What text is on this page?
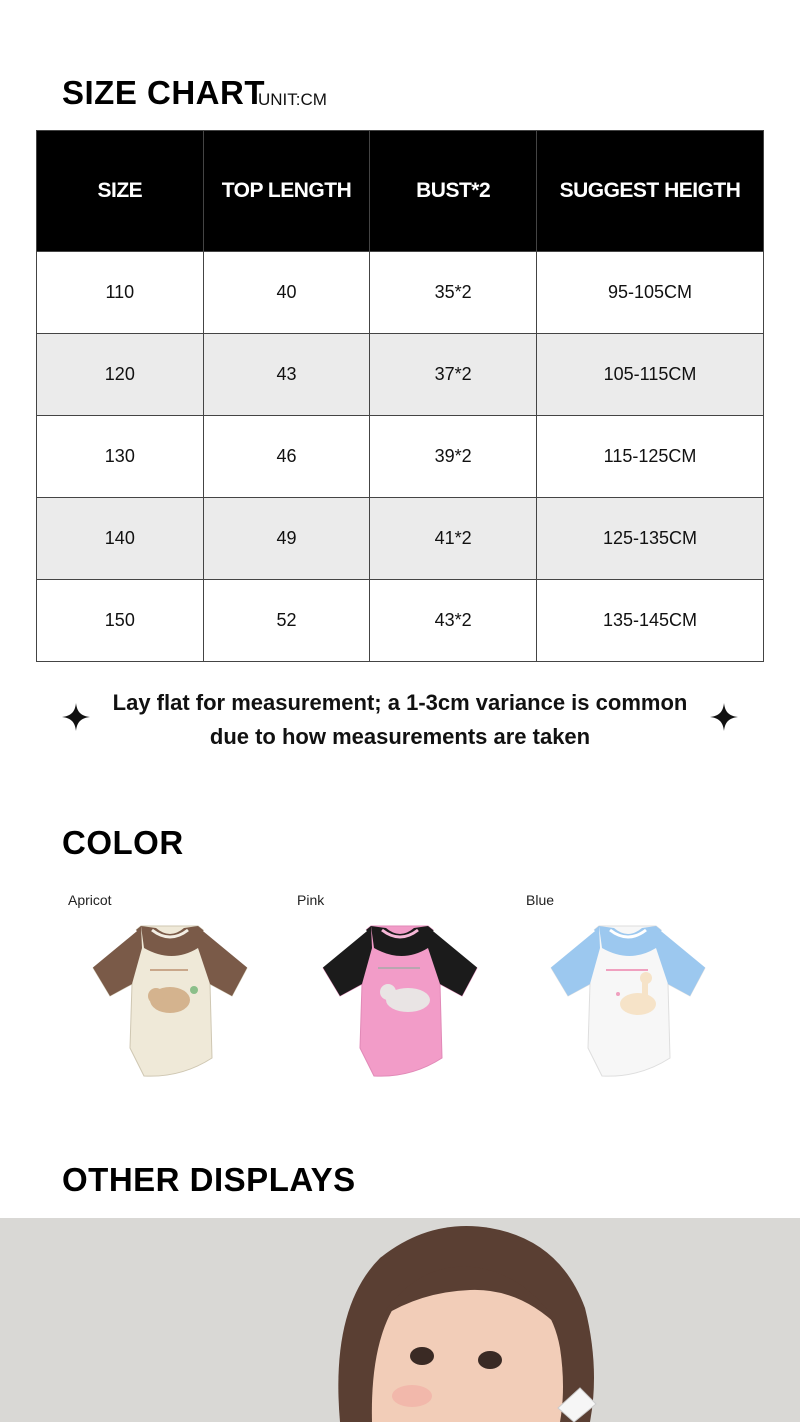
SIZE CHART
UNIT:CM
SIZE	TOP LENGTH	BUST*2	SUGGEST HEIGTH
110	40	35*2	95-105CM
120	43	37*2	105-115CM
130	46	39*2	115-125CM
140	49	41*2	125-135CM
150	52	43*2	135-145CM
Lay flat for measurement; a 1-3cm variance is common
due to how measurements are taken
COLOR
Apricot	Pink	Blue
OTHER DISPLAYS
